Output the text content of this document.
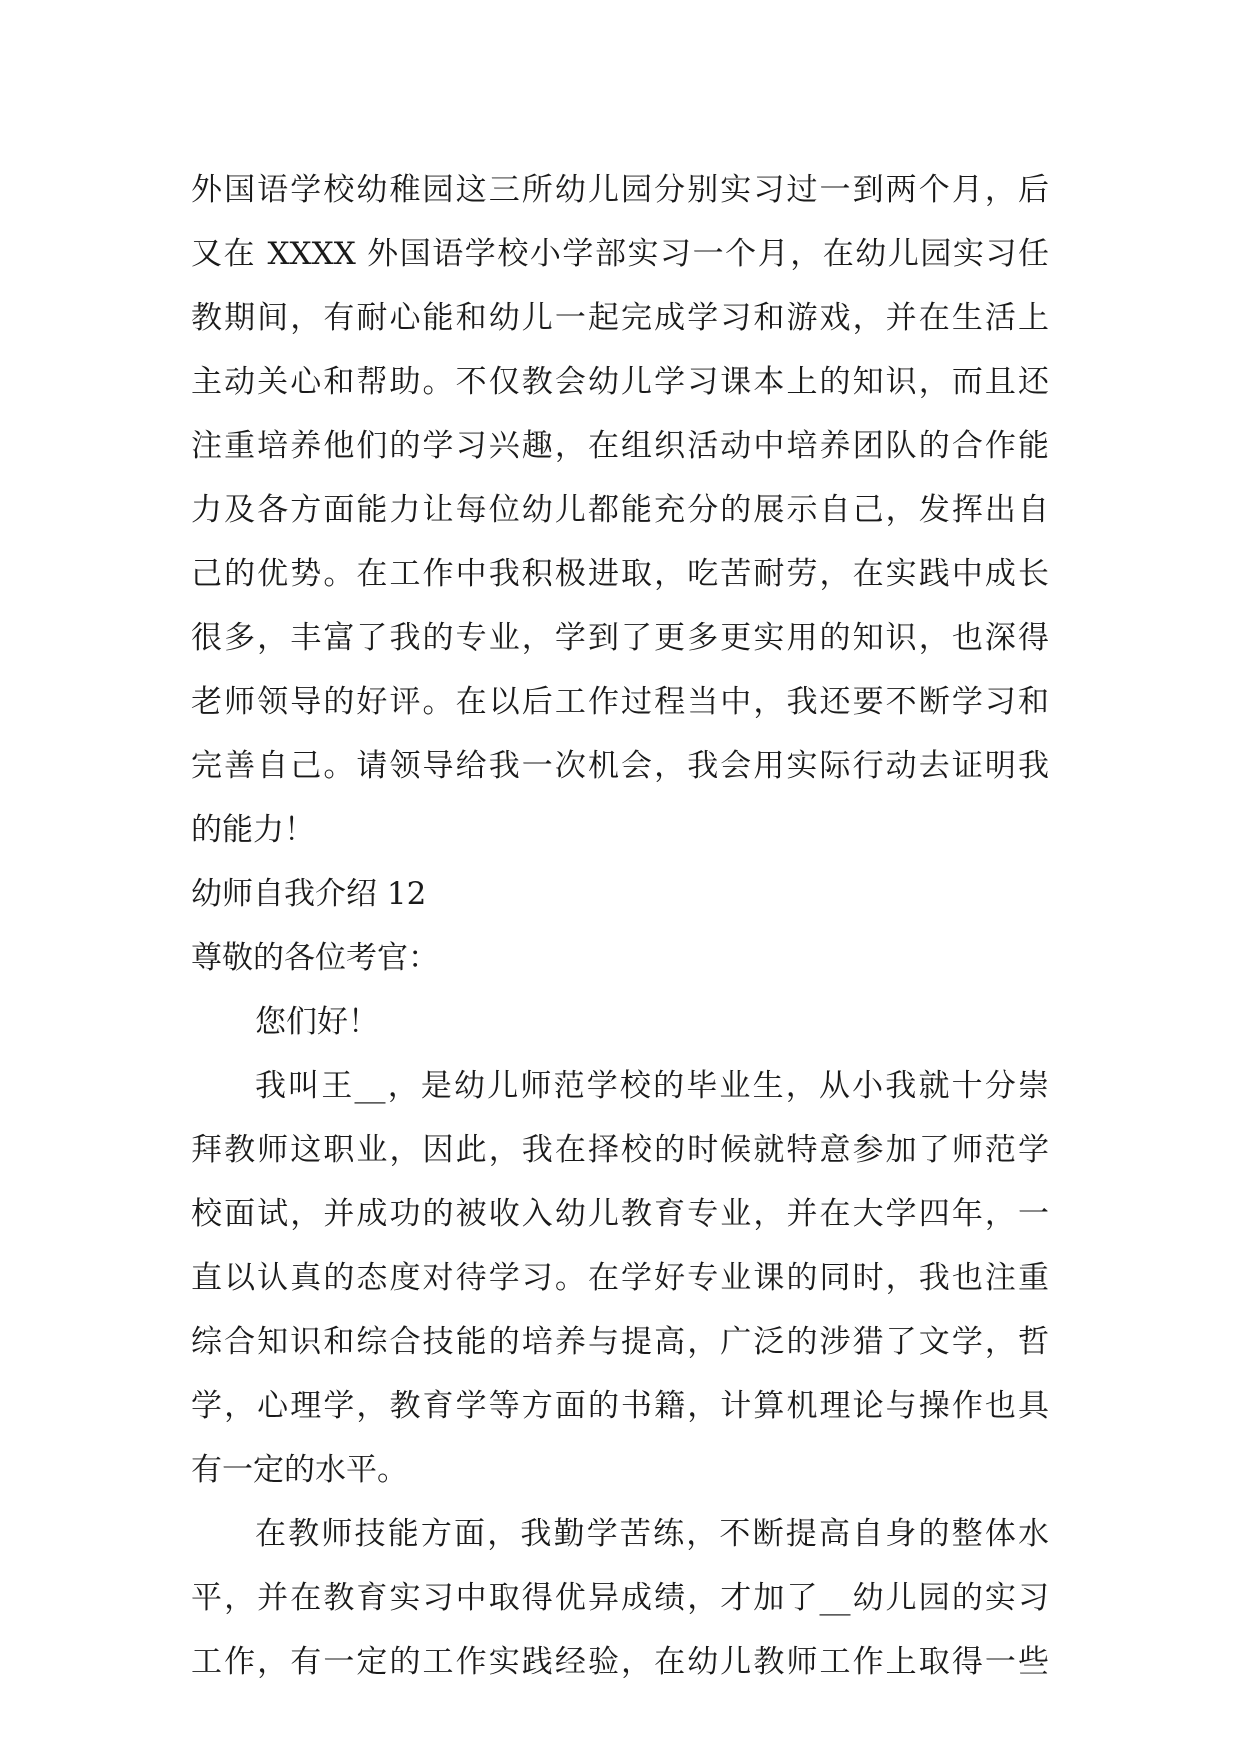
外国语学校幼稚园这三所幼儿园分别实习过一到两个月，后
又在 XXXX 外国语学校小学部实习一个月，在幼儿园实习任
教期间，有耐心能和幼儿一起完成学习和游戏，并在生活上
主动关心和帮助。不仅教会幼儿学习课本上的知识，而且还
注重培养他们的学习兴趣，在组织活动中培养团队的合作能
力及各方面能力让每位幼儿都能充分的展示自己，发挥出自
己的优势。在工作中我积极进取，吃苦耐劳，在实践中成长
很多，丰富了我的专业，学到了更多更实用的知识，也深得
老师领导的好评。在以后工作过程当中，我还要不断学习和
完善自己。请领导给我一次机会，我会用实际行动去证明我
的能力！
幼师自我介绍 12
尊敬的各位考官：
您们好！
我叫王__，是幼儿师范学校的毕业生，从小我就十分崇
拜教师这职业，因此，我在择校的时候就特意参加了师范学
校面试，并成功的被收入幼儿教育专业，并在大学四年，一
直以认真的态度对待学习。在学好专业课的同时，我也注重
综合知识和综合技能的培养与提高，广泛的涉猎了文学，哲
学，心理学，教育学等方面的书籍，计算机理论与操作也具
有一定的水平。
在教师技能方面，我勤学苦练，不断提高自身的整体水
平，并在教育实习中取得优异成绩，才加了__幼儿园的实习
工作，有一定的工作实践经验，在幼儿教师工作上取得一些
